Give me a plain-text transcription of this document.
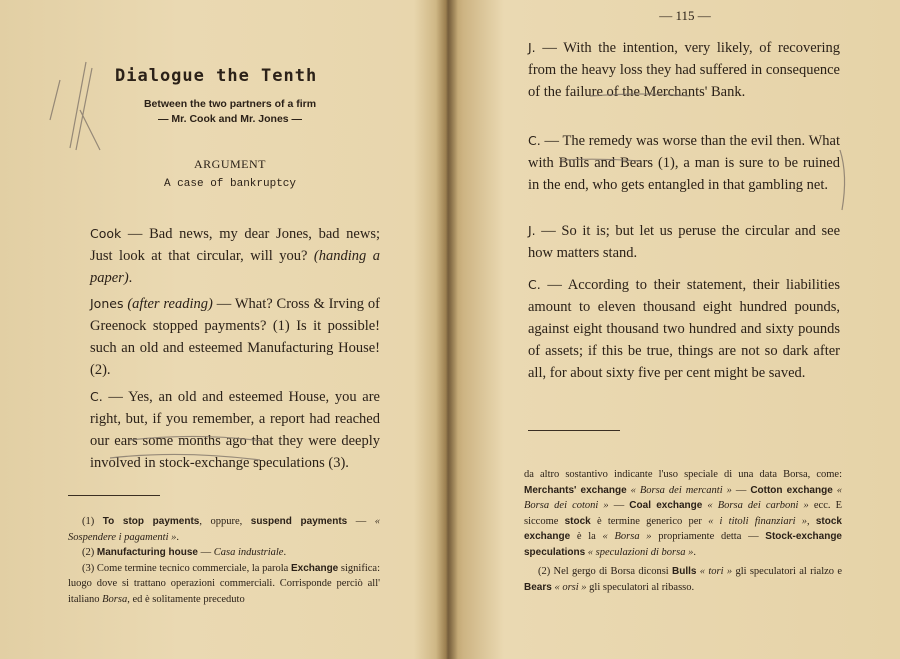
Dialogue the Tenth
Between the two partners of a firm
— Mr. Cook and Mr. Jones —
ARGUMENT
A case of bankruptcy

Cook — Bad news, my dear Jones, bad news; Just look at that circular, will you? (handing a paper).

Jones (after reading) — What? Cross & Irving of Greenock stopped payments? (1) Is it possible! such an old and esteemed Manufacturing House! (2).

C. — Yes, an old and esteemed House, you are right, but, if you remember, a report had reached our ears some months ago that they were deeply involved in stock-exchange speculations (3).

(1) To stop payments, oppure, suspend payments — « Sospendere i pagamenti ».

(2) Manufacturing house — Casa industriale.

(3) Come termine tecnico commerciale, la parola Exchange significa: luogo dove si trattano operazioni commerciali. Corrisponde perciò all' italiano Borsa, ed è solitamente preceduto

— 115 —

J. — With the intention, very likely, of recovering from the heavy loss they had suffered in consequence of the failure of the Merchants' Bank.

C. — The remedy was worse than the evil then. What with Bulls and Bears (1), a man is sure to be ruined in the end, who gets entangled in that gambling net.

J. — So it is; but let us peruse the circular and see how matters stand.

C. — According to their statement, their liabilities amount to eleven thousand eight hundred pounds, against eight thousand two hundred and sixty pounds of assets; if this be true, things are not so dark after all, for about sixty five per cent might be saved.

da altro sostantivo indicante l'uso speciale di una data Borsa, come: Merchants' exchange « Borsa dei mercanti » — Cotton exchange « Borsa dei cotoni » — Coal exchange « Borsa dei carboni » ecc. E siccome stock è termine generico per « i titoli finanziari », stock exchange è la « Borsa » propriamente detta — Stock-exchange speculations « speculazioni di borsa ».

(2) Nel gergo di Borsa diconsi Bulls « tori » gli speculatori al rialzo e Bears « orsi » gli speculatori al ribasso.
